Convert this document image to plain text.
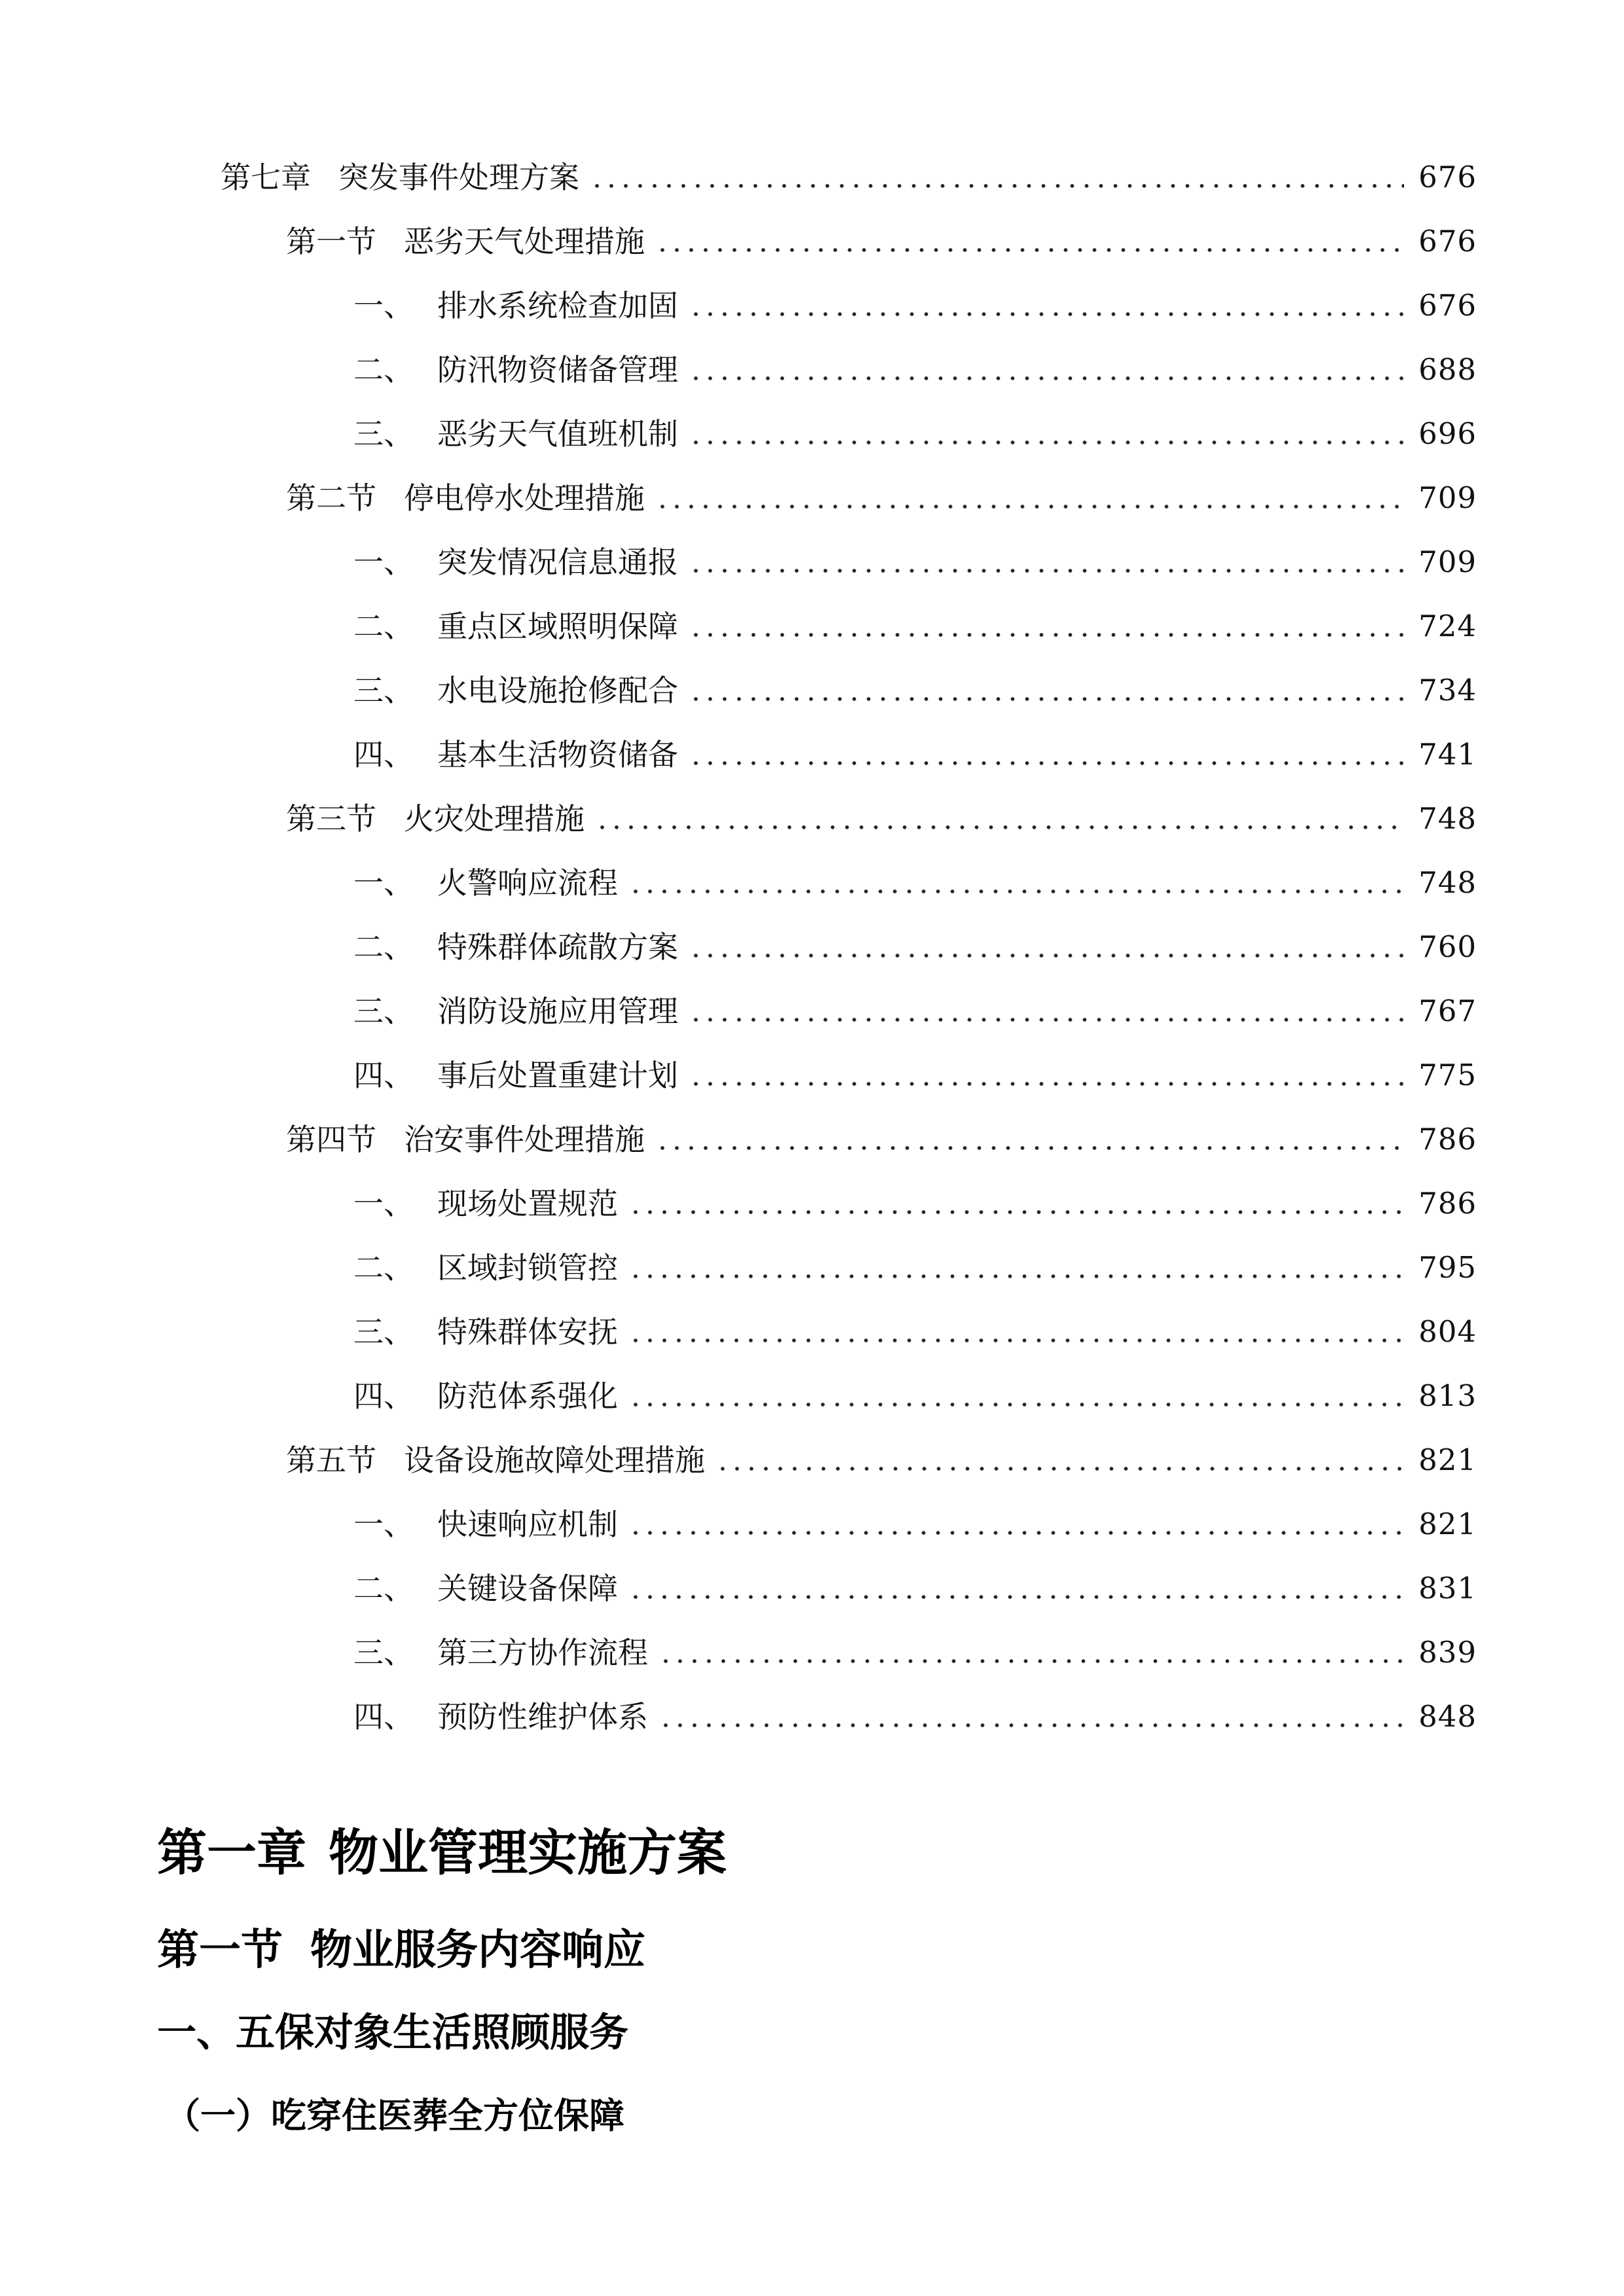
第七章 突发事件处理方案	676
第一节 恶劣天气处理措施	676
一、 排水系统检查加固	676
二、 防汛物资储备管理	688
三、 恶劣天气值班机制	696
第二节 停电停水处理措施	709
一、 突发情况信息通报	709
二、 重点区域照明保障	724
三、 水电设施抢修配合	734
四、 基本生活物资储备	741
第三节 火灾处理措施	748
一、 火警响应流程	748
二、 特殊群体疏散方案	760
三、 消防设施应用管理	767
四、 事后处置重建计划	775
第四节 治安事件处理措施	786
一、 现场处置规范	786
二、 区域封锁管控	795
三、 特殊群体安抚	804
四、 防范体系强化	813
第五节 设备设施故障处理措施	821
一、 快速响应机制	821
二、 关键设备保障	831
三、 第三方协作流程	839
四、 预防性维护体系	848
第一章 物业管理实施方案
第一节 物业服务内容响应
一、五保对象生活照顾服务
（一）吃穿住医葬全方位保障
